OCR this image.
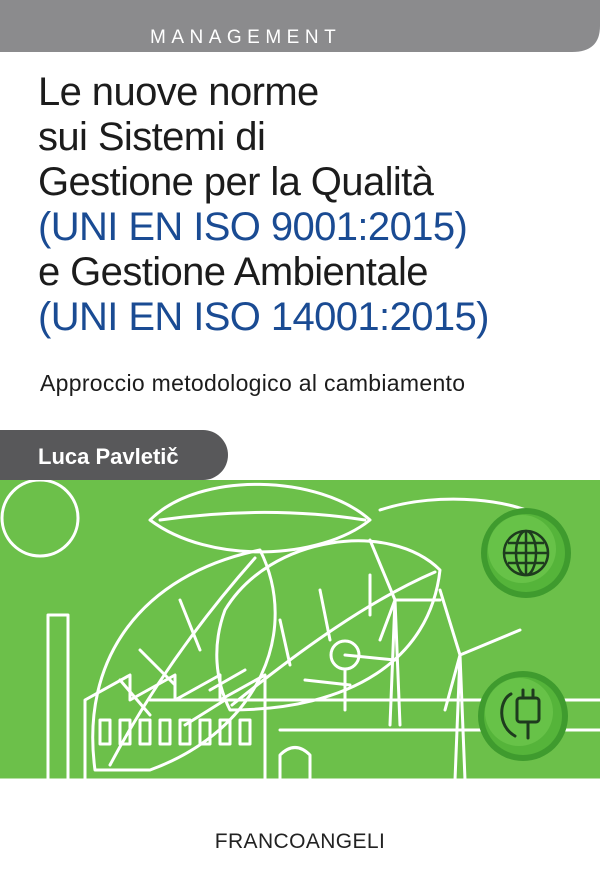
MANAGEMENT
Le nuove norme
sui Sistemi di
Gestione per la Qualità
(UNI EN ISO 9001:2015)
e Gestione Ambientale
(UNI EN ISO 14001:2015)
Approccio metodologico al cambiamento
Luca Pavletič
FRANCOANGELI
